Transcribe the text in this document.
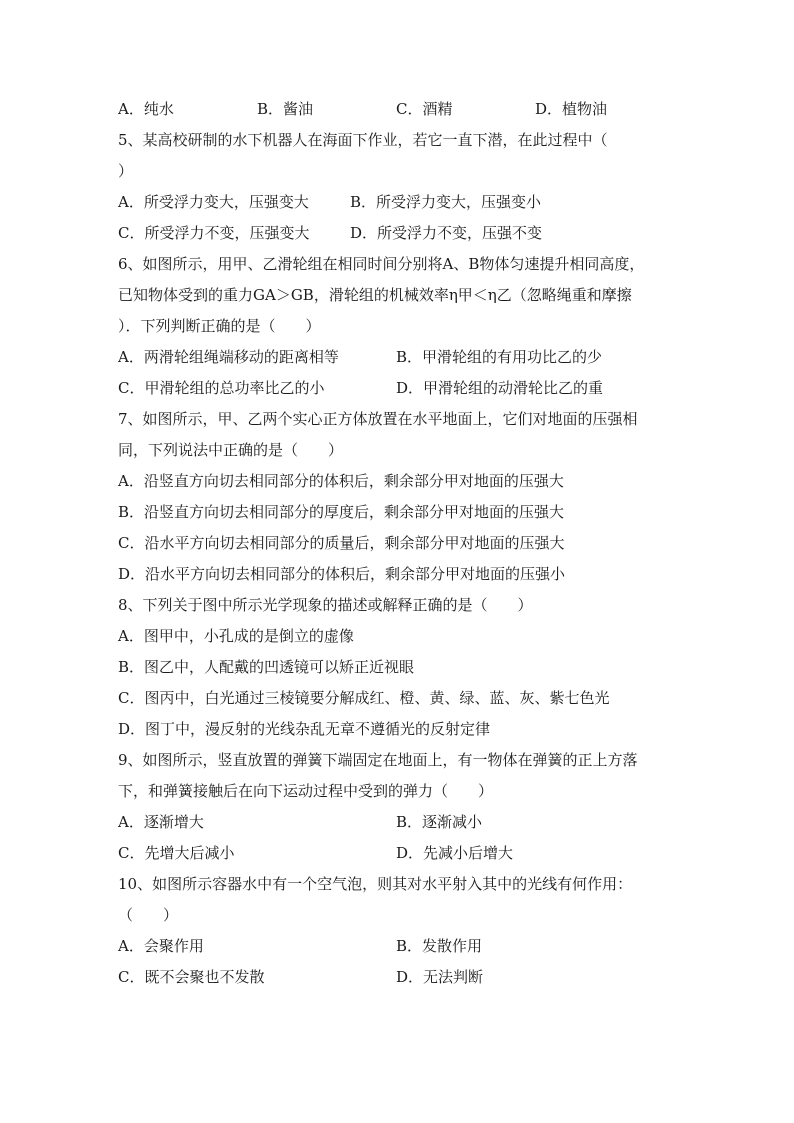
A．纯水	B．酱油	C．酒精	D．植物油
5、某高校研制的水下机器人在海面下作业，若它一直下潜，在此过程中（
）
A．所受浮力变大，压强变大	B．所受浮力变大，压强变小
C．所受浮力不变，压强变大	D．所受浮力不变，压强不变
6、如图所示，用甲、乙滑轮组在相同时间分别将A、B物体匀速提升相同高度，
已知物体受到的重力GA＞GB，滑轮组的机械效率η甲＜η乙（忽略绳重和摩擦
）．下列判断正确的是（　　）
A．两滑轮组绳端移动的距离相等	B．甲滑轮组的有用功比乙的少
C．甲滑轮组的总功率比乙的小	D．甲滑轮组的动滑轮比乙的重
7、如图所示，甲、乙两个实心正方体放置在水平地面上，它们对地面的压强相
同，下列说法中正确的是（　　）
A．沿竖直方向切去相同部分的体积后，剩余部分甲对地面的压强大
B．沿竖直方向切去相同部分的厚度后，剩余部分甲对地面的压强大
C．沿水平方向切去相同部分的质量后，剩余部分甲对地面的压强大
D．沿水平方向切去相同部分的体积后，剩余部分甲对地面的压强小
8、下列关于图中所示光学现象的描述或解释正确的是（　　）
A．图甲中，小孔成的是倒立的虚像
B．图乙中，人配戴的凹透镜可以矫正近视眼
C．图丙中，白光通过三棱镜要分解成红、橙、黄、绿、蓝、灰、紫七色光
D．图丁中，漫反射的光线杂乱无章不遵循光的反射定律
9、如图所示，竖直放置的弹簧下端固定在地面上，有一物体在弹簧的正上方落
下，和弹簧接触后在向下运动过程中受到的弹力（　　）
A．逐渐增大	B．逐渐减小
C．先增大后减小	D．先减小后增大
10、如图所示容器水中有一个空气泡，则其对水平射入其中的光线有何作用：
（　　）
A．会聚作用	B．发散作用
C．既不会聚也不发散	D．无法判断
